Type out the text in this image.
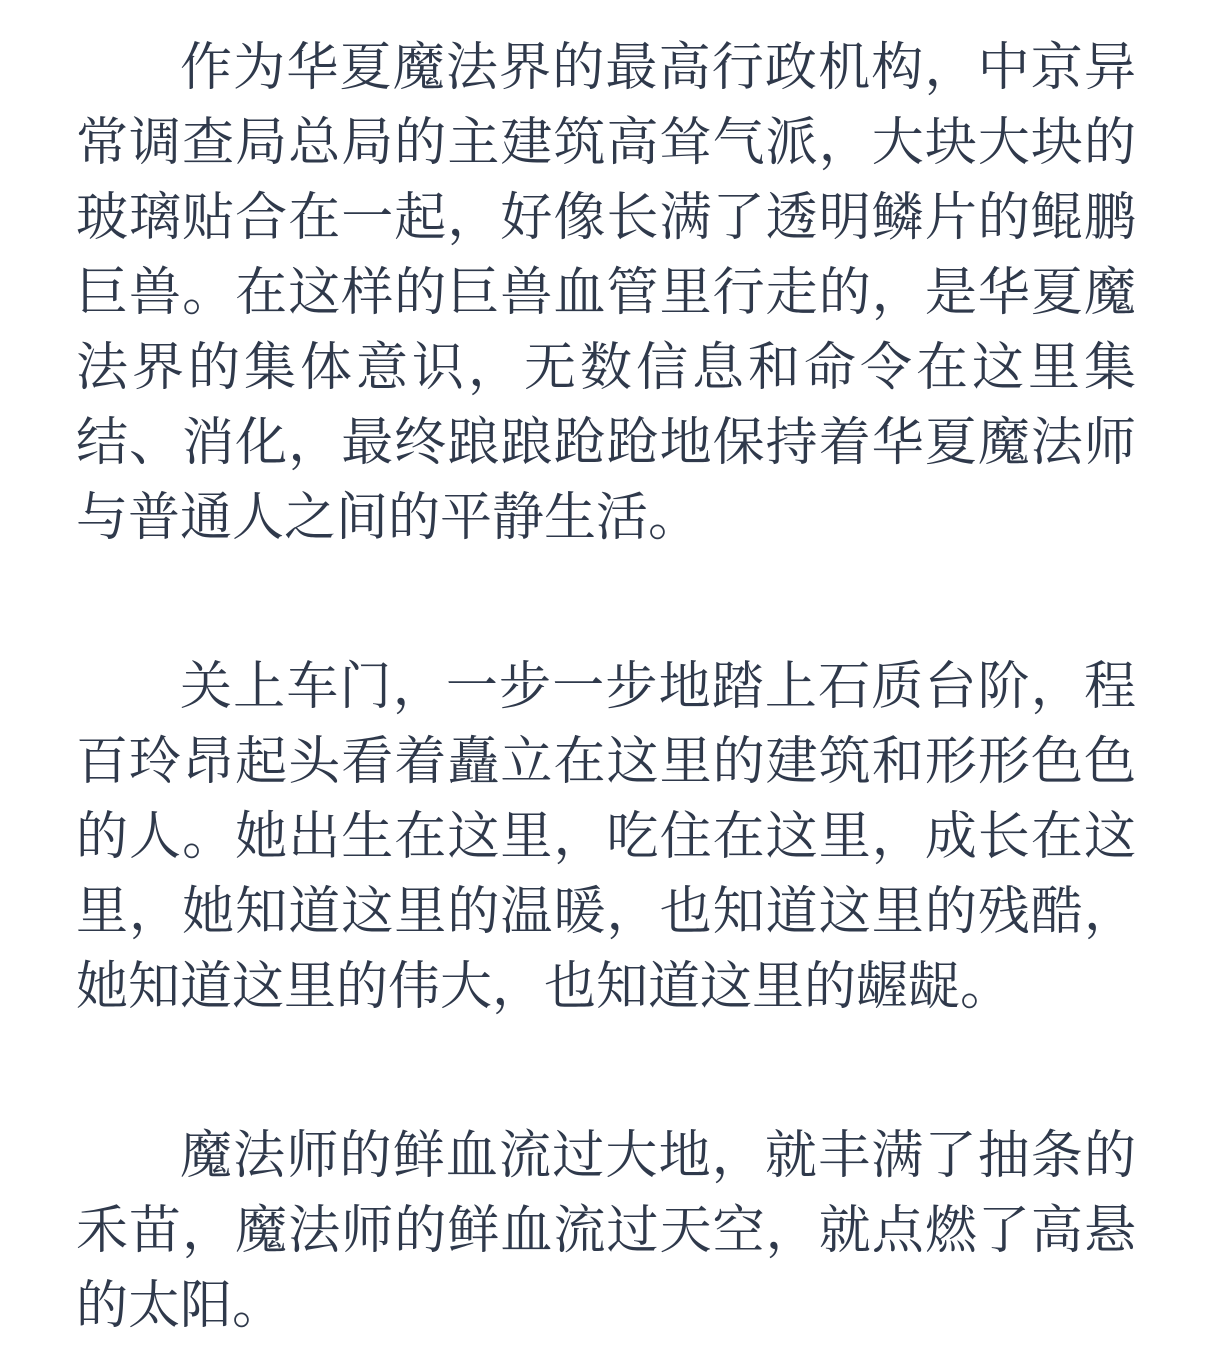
作为华夏魔法界的最高行政机构，中京异常调查局总局的主建筑高耸气派，大块大块的玻璃贴合在一起，好像长满了透明鳞片的鲲鹏巨兽。在这样的巨兽血管里行走的，是华夏魔法界的集体意识，无数信息和命令在这里集结、消化，最终踉踉跄跄地保持着华夏魔法师与普通人之间的平静生活。

关上车门，一步一步地踏上石质台阶，程百玲昂起头看着矗立在这里的建筑和形形色色的人。她出生在这里，吃住在这里，成长在这里，她知道这里的温暖，也知道这里的残酷，她知道这里的伟大，也知道这里的龌龊。

魔法师的鲜血流过大地，就丰满了抽条的禾苗，魔法师的鲜血流过天空，就点燃了高悬的太阳。
